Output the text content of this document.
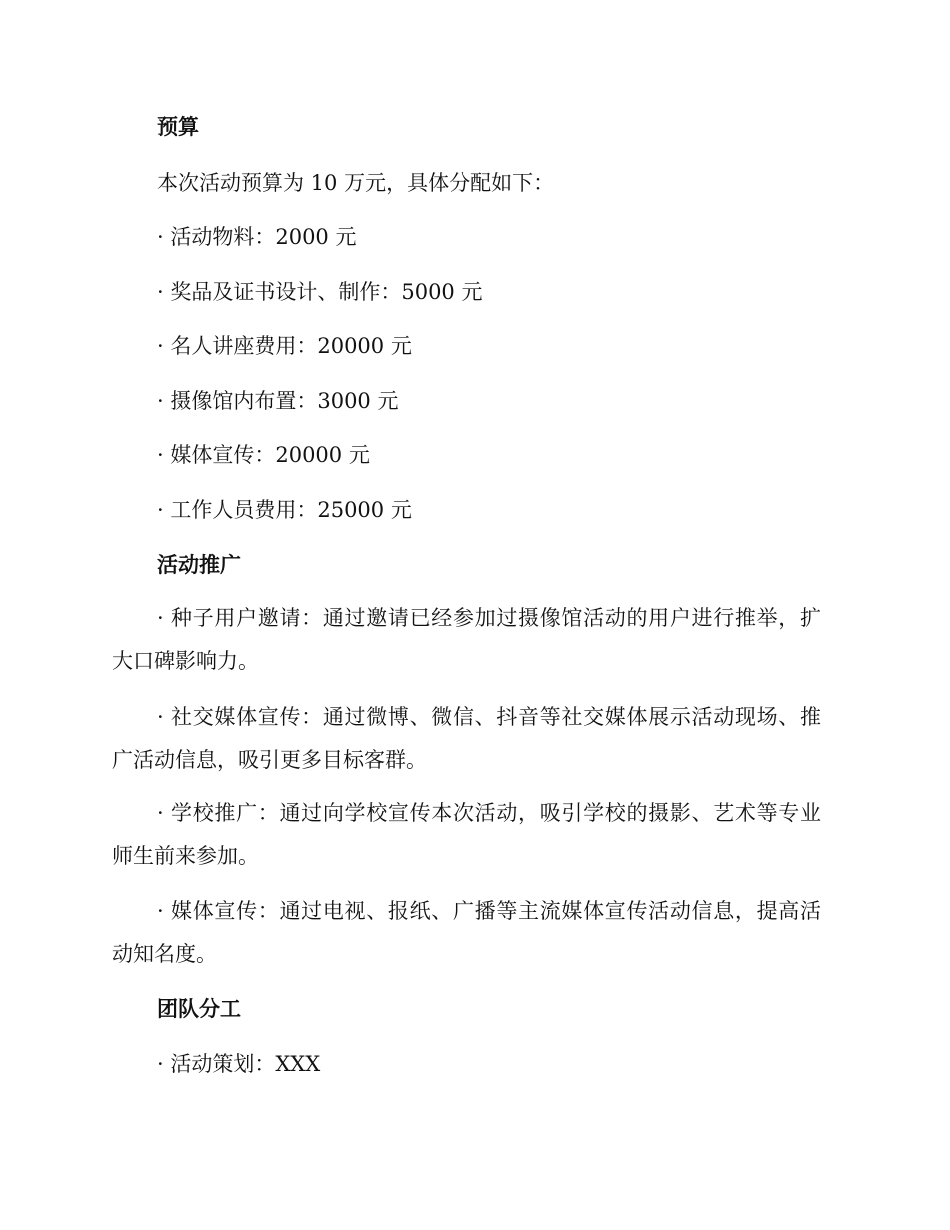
预算
本次活动预算为 10 万元，具体分配如下：
· 活动物料：2000 元
· 奖品及证书设计、制作：5000 元
· 名人讲座费用：20000 元
· 摄像馆内布置：3000 元
· 媒体宣传：20000 元
· 工作人员费用：25000 元
活动推广
· 种子用户邀请：通过邀请已经参加过摄像馆活动的用户进行推举，扩大口碑影响力。
· 社交媒体宣传：通过微博、微信、抖音等社交媒体展示活动现场、推广活动信息，吸引更多目标客群。
· 学校推广：通过向学校宣传本次活动，吸引学校的摄影、艺术等专业师生前来参加。
· 媒体宣传：通过电视、报纸、广播等主流媒体宣传活动信息，提高活动知名度。
团队分工
· 活动策划：XXX
